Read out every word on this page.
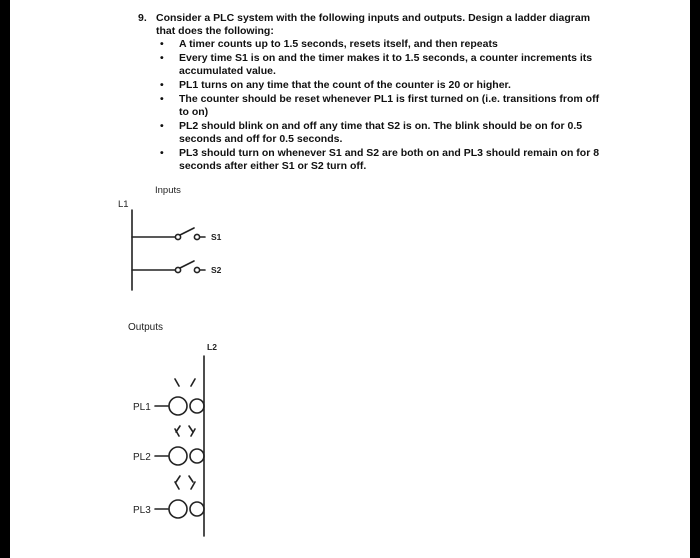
9. Consider a PLC system with the following inputs and outputs. Design a ladder diagram that does the following:
•	A timer counts up to 1.5 seconds, resets itself, and then repeats
•	Every time S1 is on and the timer makes it to 1.5 seconds, a counter increments its accumulated value.
•	PL1 turns on any time that the count of the counter is 20 or higher.
•	The counter should be reset whenever PL1 is first turned on (i.e. transitions from off to on)
•	PL2 should blink on and off any time that S2 is on. The blink should be on for 0.5 seconds and off for 0.5 seconds.
•	PL3 should turn on whenever S1 and S2 are both on and PL3 should remain on for 8 seconds after either S1 or S2 turn off.
Inputs
L1
S1
S2
Outputs
L2
PL1
PL2
PL3
